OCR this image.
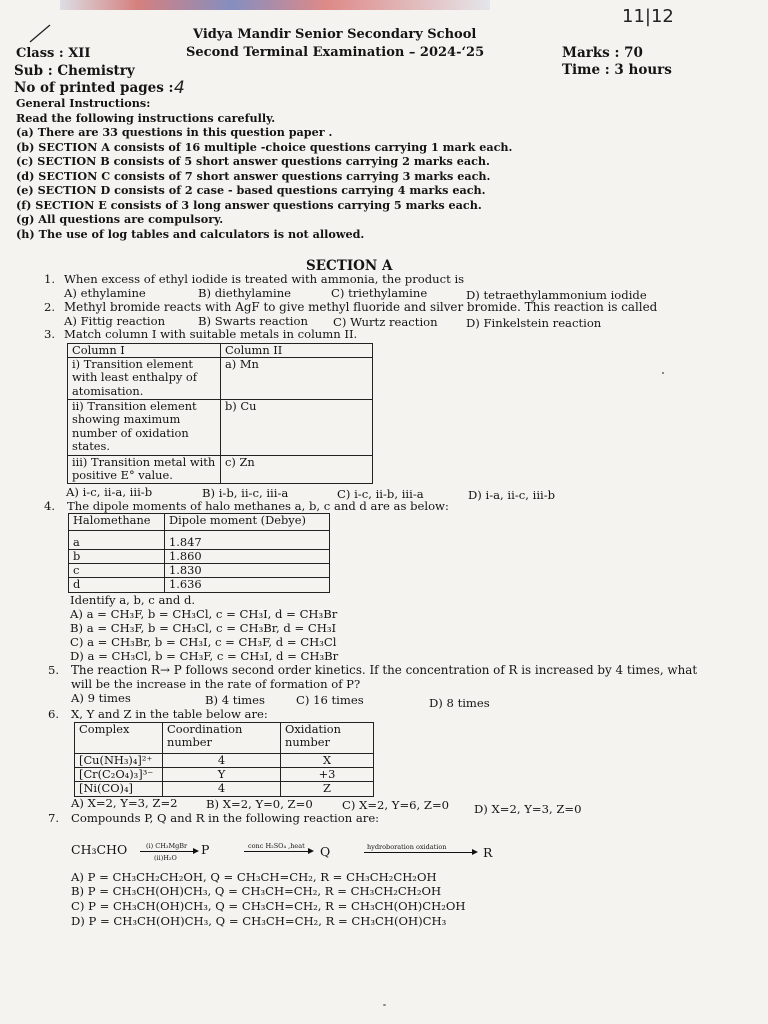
11|12
Vidya Mandir Senior Secondary School
Class : XII	Second Terminal Examination – 2024-‘25	Marks : 70
Sub : Chemistry	Time : 3 hours
No of printed pages : 4
General Instructions:
Read the following instructions carefully.
(a) There are 33 questions in this question paper .
(b) SECTION A consists of 16 multiple -choice questions carrying 1 mark each.
(c) SECTION B consists of 5 short answer questions carrying 2 marks each.
(d) SECTION C consists of 7 short answer questions carrying 3 marks each.
(e) SECTION D consists of 2 case - based questions carrying 4 marks each.
(f) SECTION E consists of 3 long answer questions carrying 5 marks each.
(g) All questions are compulsory.
(h) The use of log tables and calculators is not allowed.
SECTION A
1. When excess of ethyl iodide is treated with ammonia, the product is
A) ethylamine	B) diethylamine	C) triethylamine	D) tetraethylammonium iodide
2. Methyl bromide reacts with AgF to give methyl fluoride and silver bromide. This reaction is called
A) Fittig reaction	B) Swarts reaction C) Wurtz reaction D) Finkelstein reaction
3. Match column I with suitable metals in column II.
Column I	Column II
i) Transition element with least enthalpy of atomisation.	a) Mn
ii) Transition element showing maximum number of oxidation states.	b) Cu
iii) Transition metal with positive E° value.	c) Zn
A) i-c, ii-a, iii-b	B) i-b, ii-c, iii-a	C) i-c, ii-b, iii-a	D) i-a, ii-c, iii-b
4. The dipole moments of halo methanes a, b, c and d are as below:
Halomethane	Dipole moment (Debye)
a	1.847
b	1.860
c	1.830
d	1.636
Identify a, b, c and d.
A) a = CH₃F, b = CH₃Cl, c = CH₃I, d = CH₃Br
B) a = CH₃F, b = CH₃Cl, c = CH₃Br, d = CH₃I
C) a = CH₃Br, b = CH₃I, c = CH₃F, d = CH₃Cl
D) a = CH₃Cl, b = CH₃F, c = CH₃I, d = CH₃Br
5. The reaction R→ P follows second order kinetics. If the concentration of R is increased by 4 times, what
will be the increase in the rate of formation of P?
A) 9 times	B) 4 times	C) 16 times	D) 8 times
6. X, Y and Z in the table below are:
Complex	Coordination number	Oxidation number
[Cu(NH₃)₄]²⁺	4	X
[Cr(C₂O₄)₃]³⁻	Y	+3
[Ni(CO)₄]	4	Z
A) X=2, Y=3, Z=2 B) X=2, Y=0, Z=0	C) X=2, Y=6, Z=0 D) X=2, Y=3, Z=0
7. Compounds P, Q and R in the following reaction are:
CH₃CHO	(i) CH₃MgBr
(ii)H₂O
P	conc H₂SO₄ ,heat Q	hydroboration oxidation	R
A) P = CH₃CH₂CH₂OH, Q = CH₃CH=CH₂, R = CH₃CH₂CH₂OH
B) P = CH₃CH(OH)CH₃, Q = CH₃CH=CH₂, R = CH₃CH₂CH₂OH
C) P = CH₃CH(OH)CH₃, Q = CH₃CH=CH₂, R = CH₃CH(OH)CH₂OH
D) P = CH₃CH(OH)CH₃, Q = CH₃CH=CH₂, R = CH₃CH(OH)CH₃
